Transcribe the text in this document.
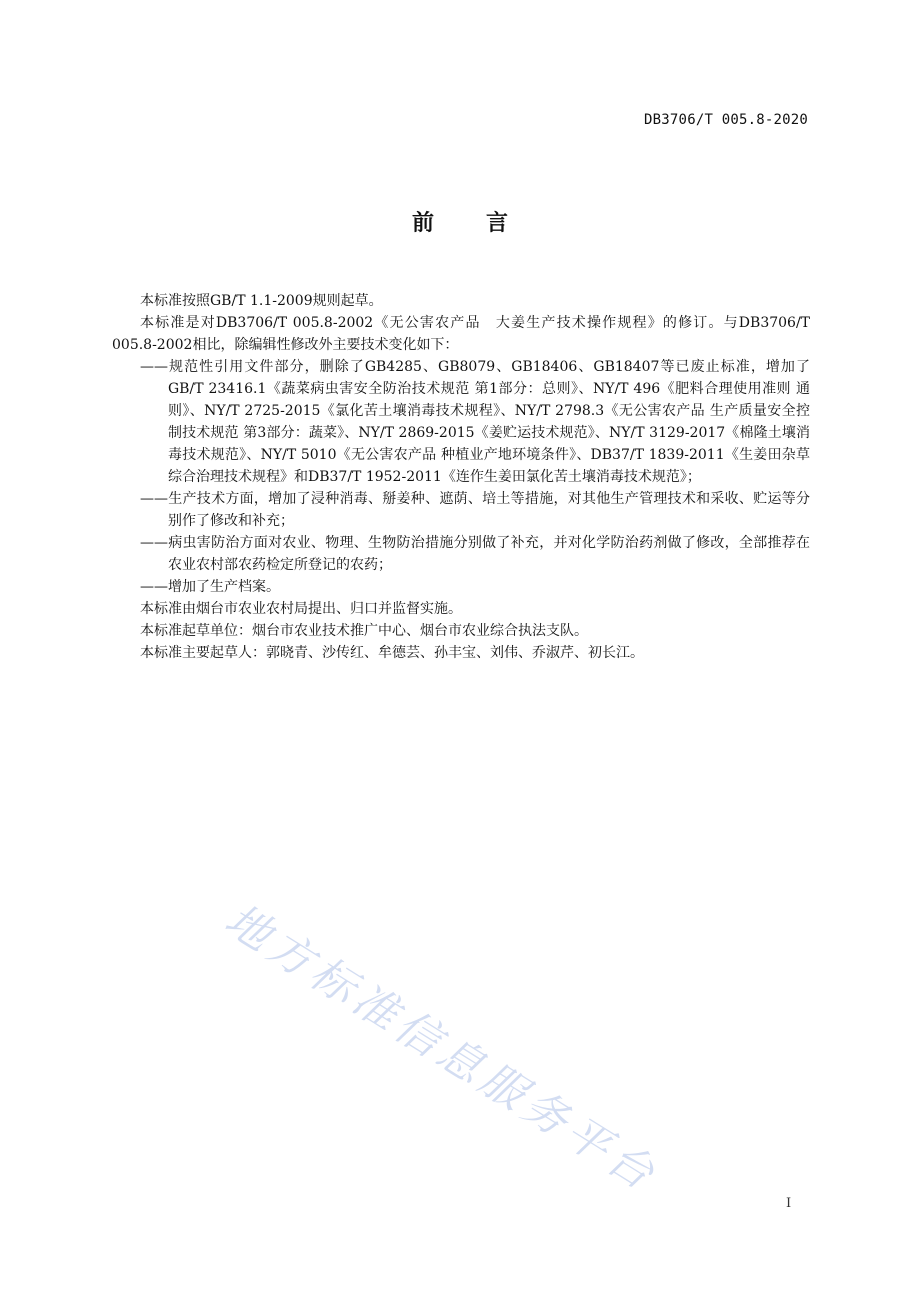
DB3706/T 005.8-2020
前 言

本标准按照GB/T 1.1-2009规则起草。

本标准是对DB3706/T 005.8-2002《无公害农产品　大姜生产技术操作规程》的修订。与DB3706/T 005.8-2002相比，除编辑性修改外主要技术变化如下：

——规范性引用文件部分，删除了GB4285、GB8079、GB18406、GB18407等已废止标准，增加了GB/T 23416.1《蔬菜病虫害安全防治技术规范 第1部分：总则》、NY/T 496《肥料合理使用准则 通则》、NY/T 2725-2015《氯化苦土壤消毒技术规程》、NY/T 2798.3《无公害农产品 生产质量安全控制技术规范 第3部分：蔬菜》、NY/T 2869-2015《姜贮运技术规范》、NY/T 3129-2017《棉隆土壤消毒技术规范》、NY/T 5010《无公害农产品 种植业产地环境条件》、DB37/T 1839-2011《生姜田杂草综合治理技术规程》和DB37/T 1952-2011《连作生姜田氯化苦土壤消毒技术规范》；

——生产技术方面，增加了浸种消毒、掰姜种、遮荫、培土等措施，对其他生产管理技术和采收、贮运等分别作了修改和补充；

——病虫害防治方面对农业、物理、生物防治措施分别做了补充，并对化学防治药剂做了修改，全部推荐在农业农村部农药检定所登记的农药；

——增加了生产档案。

本标准由烟台市农业农村局提出、归口并监督实施。

本标准起草单位：烟台市农业技术推广中心、烟台市农业综合执法支队。

本标准主要起草人：郭晓青、沙传红、牟德芸、孙丰宝、刘伟、乔淑芹、初长江。

地方标准信息服务平台
I
